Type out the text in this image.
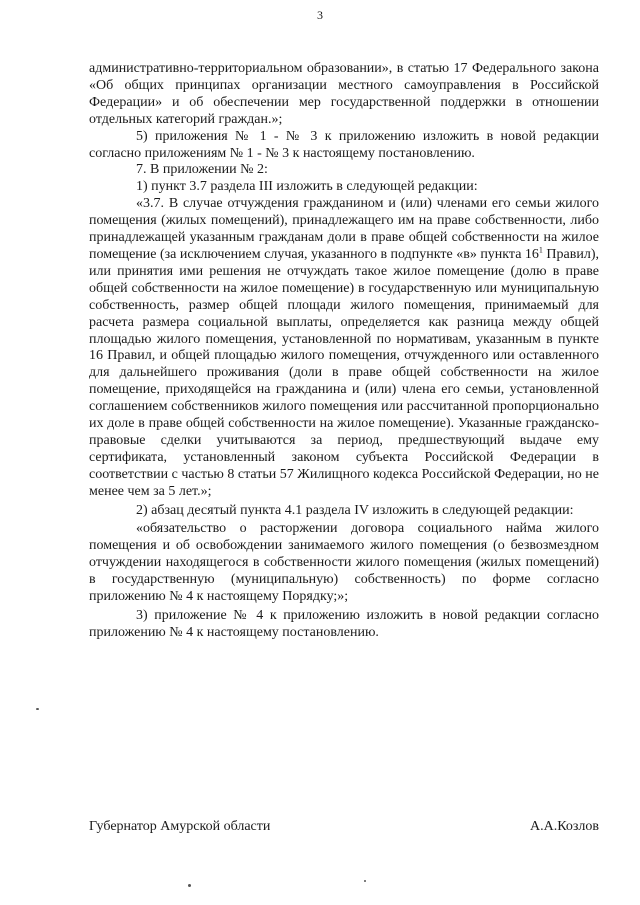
3

административно-территориальном образовании», в статью 17 Федерального закона «Об общих принципах организации местного самоуправления в Российской Федерации» и об обеспечении мер государственной поддержки в отношении отдельных категорий граждан.»;

5) приложения № 1 - № 3 к приложению изложить в новой редакции согласно приложениям № 1 - № 3 к настоящему постановлению.

7. В приложении № 2:

1) пункт 3.7 раздела III изложить в следующей редакции:

«3.7. В случае отчуждения гражданином и (или) членами его семьи жилого помещения (жилых помещений), принадлежащего им на праве собственности, либо принадлежащей указанным гражданам доли в праве общей собственности на жилое помещение (за исключением случая, указанного в подпункте «в» пункта $16^1$ Правил), или принятия ими решения не отчуждать такое жилое помещение (долю в праве общей собственности на жилое помещение) в государственную или муниципальную собственность, размер общей площади жилого помещения, принимаемый для расчета размера социальной выплаты, определяется как разница между общей площадью жилого помещения, установленной по нормативам, указанным в пункте 16 Правил, и общей площадью жилого помещения, отчужденного или оставленного для дальнейшего проживания (доли в праве общей собственности на жилое помещение, приходящейся на гражданина и (или) члена его семьи, установленной соглашением собственников жилого помещения или рассчитанной пропорционально их доле в праве общей собственности на жилое помещение). Указанные гражданско-правовые сделки учитываются за период, предшествующий выдаче ему сертификата, установленный законом субъекта Российской Федерации в соответствии с частью 8 статьи 57 Жилищного кодекса Российской Федерации, но не менее чем за 5 лет.»;

2) абзац десятый пункта 4.1 раздела IV изложить в следующей редакции:

«обязательство о расторжении договора социального найма жилого помещения и об освобождении занимаемого жилого помещения (о безвозмездном отчуждении находящегося в собственности жилого помещения (жилых помещений) в государственную (муниципальную) собственность) по форме согласно приложению № 4 к настоящему Порядку;»;

3) приложение № 4 к приложению изложить в новой редакции согласно приложению № 4 к настоящему постановлению.

Губернатор Амурской области	А.А.Козлов
